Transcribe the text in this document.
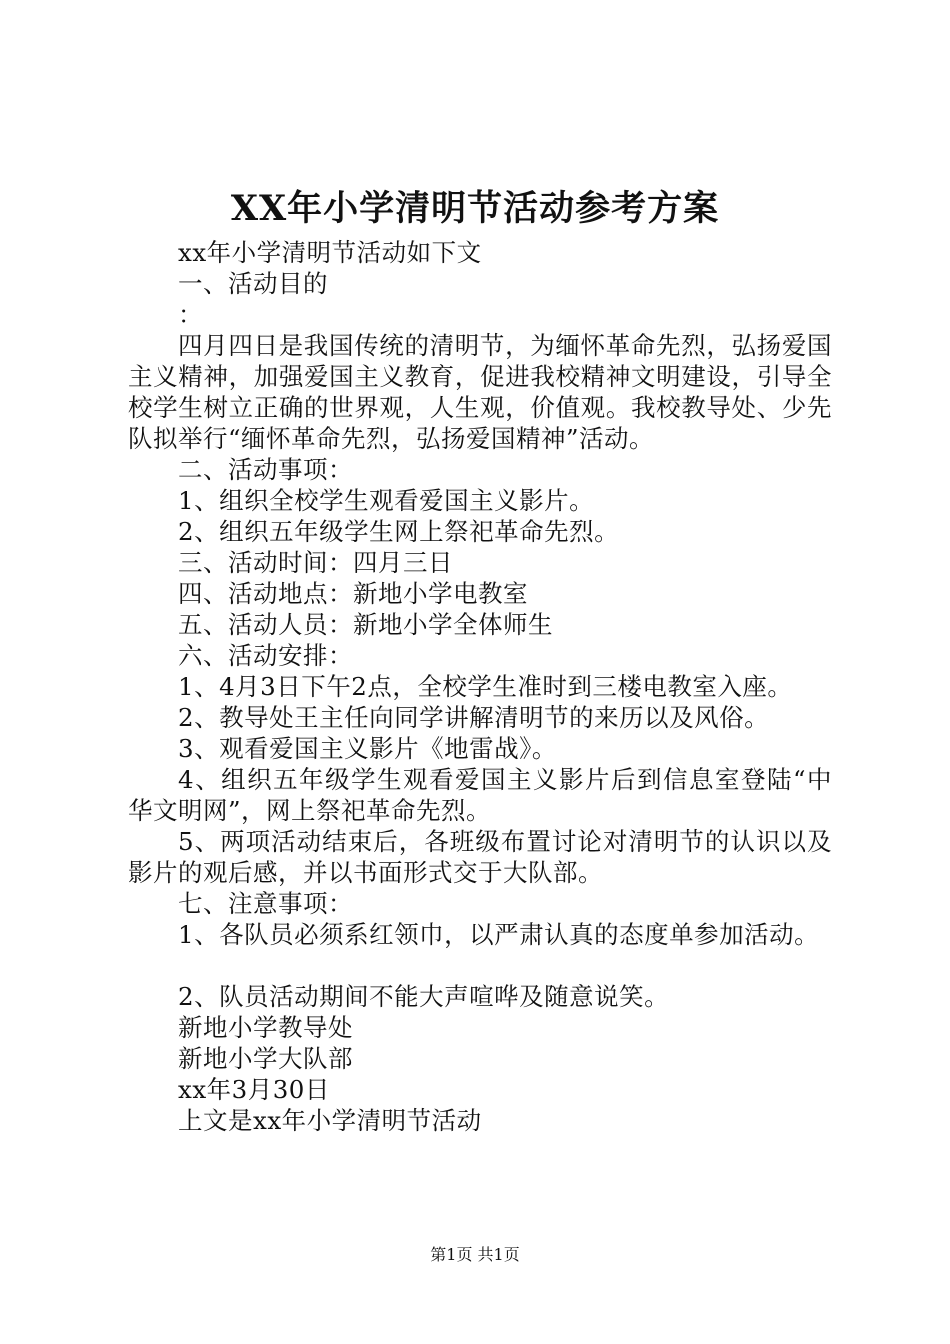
XX年小学清明节活动参考方案
xx年小学清明节活动如下文
一、活动目的
：

四月四日是我国传统的清明节，为缅怀革命先烈，弘扬爱国主义精神，加强爱国主义教育，促进我校精神文明建设，引导全校学生树立正确的世界观，人生观，价值观。我校教导处、少先队拟举行“缅怀革命先烈，弘扬爱国精神”活动。

二、活动事项：
1、组织全校学生观看爱国主义影片。
2、组织五年级学生网上祭祀革命先烈。
三、活动时间：四月三日
四、活动地点：新地小学电教室
五、活动人员：新地小学全体师生
六、活动安排：
1、4月3日下午2点，全校学生准时到三楼电教室入座。
2、教导处王主任向同学讲解清明节的来历以及风俗。
3、观看爱国主义影片《地雷战》。

4、组织五年级学生观看爱国主义影片后到信息室登陆“中华文明网”，网上祭祀革命先烈。

5、两项活动结束后，各班级布置讨论对清明节的认识以及影片的观后感，并以书面形式交于大队部。

七、注意事项：
1、各队员必须系红领巾，以严肃认真的态度单参加活动。
2、队员活动期间不能大声喧哗及随意说笑。
新地小学教导处
新地小学大队部
xx年3月30日
上文是xx年小学清明节活动
第1页 共1页
